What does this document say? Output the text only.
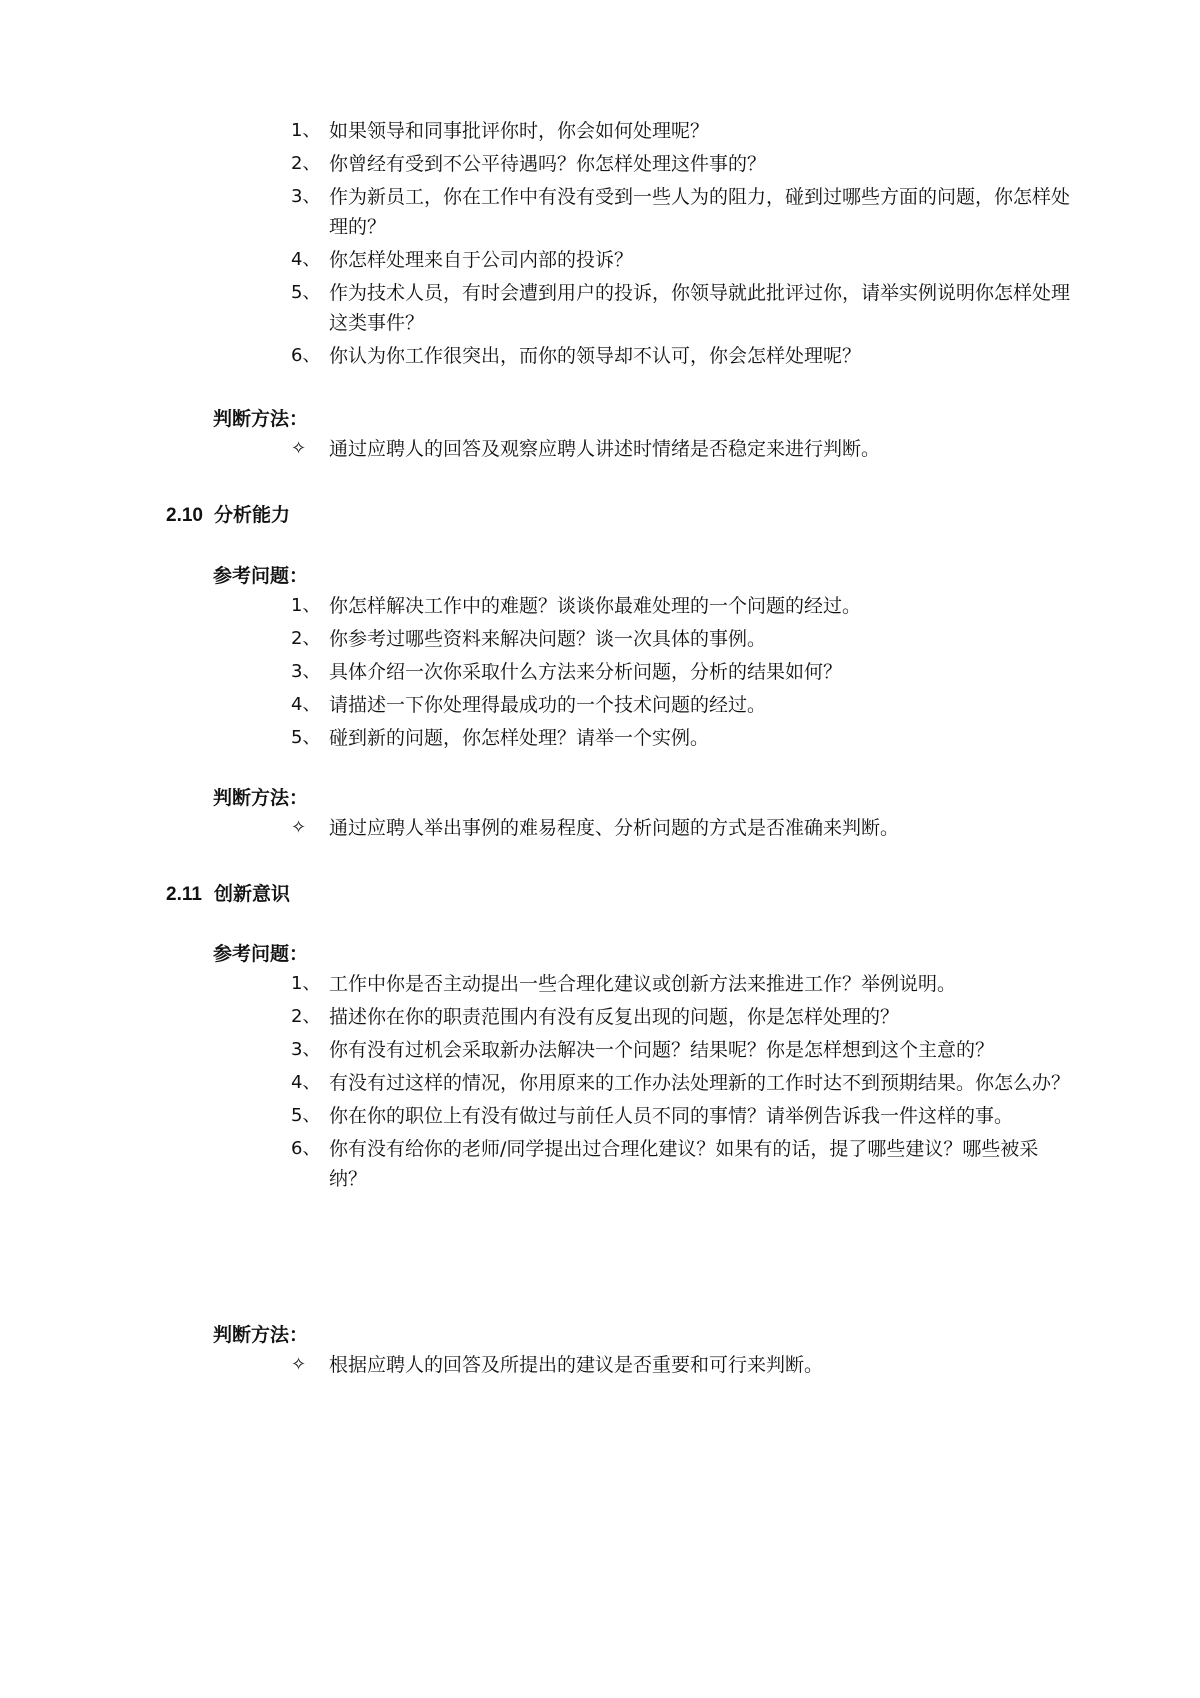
1、 如果领导和同事批评你时，你会如何处理呢？
2、 你曾经有受到不公平待遇吗？你怎样处理这件事的？
3、 作为新员工，你在工作中有没有受到一些人为的阻力，碰到过哪些方面的问题，你怎样处理的？
4、 你怎样处理来自于公司内部的投诉？
5、 作为技术人员，有时会遭到用户的投诉，你领导就此批评过你，请举实例说明你怎样处理这类事件？
6、 你认为你工作很突出，而你的领导却不认可，你会怎样处理呢？

判断方法：

✧ 通过应聘人的回答及观察应聘人讲述时情绪是否稳定来进行判断。
2.10 分析能力

参考问题：

1、 你怎样解决工作中的难题？谈谈你最难处理的一个问题的经过。
2、 你参考过哪些资料来解决问题？谈一次具体的事例。
3、 具体介绍一次你采取什么方法来分析问题，分析的结果如何？
4、 请描述一下你处理得最成功的一个技术问题的经过。
5、 碰到新的问题，你怎样处理？请举一个实例。

判断方法：

✧ 通过应聘人举出事例的难易程度、分析问题的方式是否准确来判断。
2.11 创新意识

参考问题：

1、 工作中你是否主动提出一些合理化建议或创新方法来推进工作？举例说明。
2、 描述你在你的职责范围内有没有反复出现的问题，你是怎样处理的？
3、 你有没有过机会采取新办法解决一个问题？结果呢？你是怎样想到这个主意的？
4、 有没有过这样的情况，你用原来的工作办法处理新的工作时达不到预期结果。你怎么办？
5、 你在你的职位上有没有做过与前任人员不同的事情？请举例告诉我一件这样的事。
6、 你有没有给你的老师/同学提出过合理化建议？如果有的话，提了哪些建议？哪些被采纳？

判断方法：

✧ 根据应聘人的回答及所提出的建议是否重要和可行来判断。
